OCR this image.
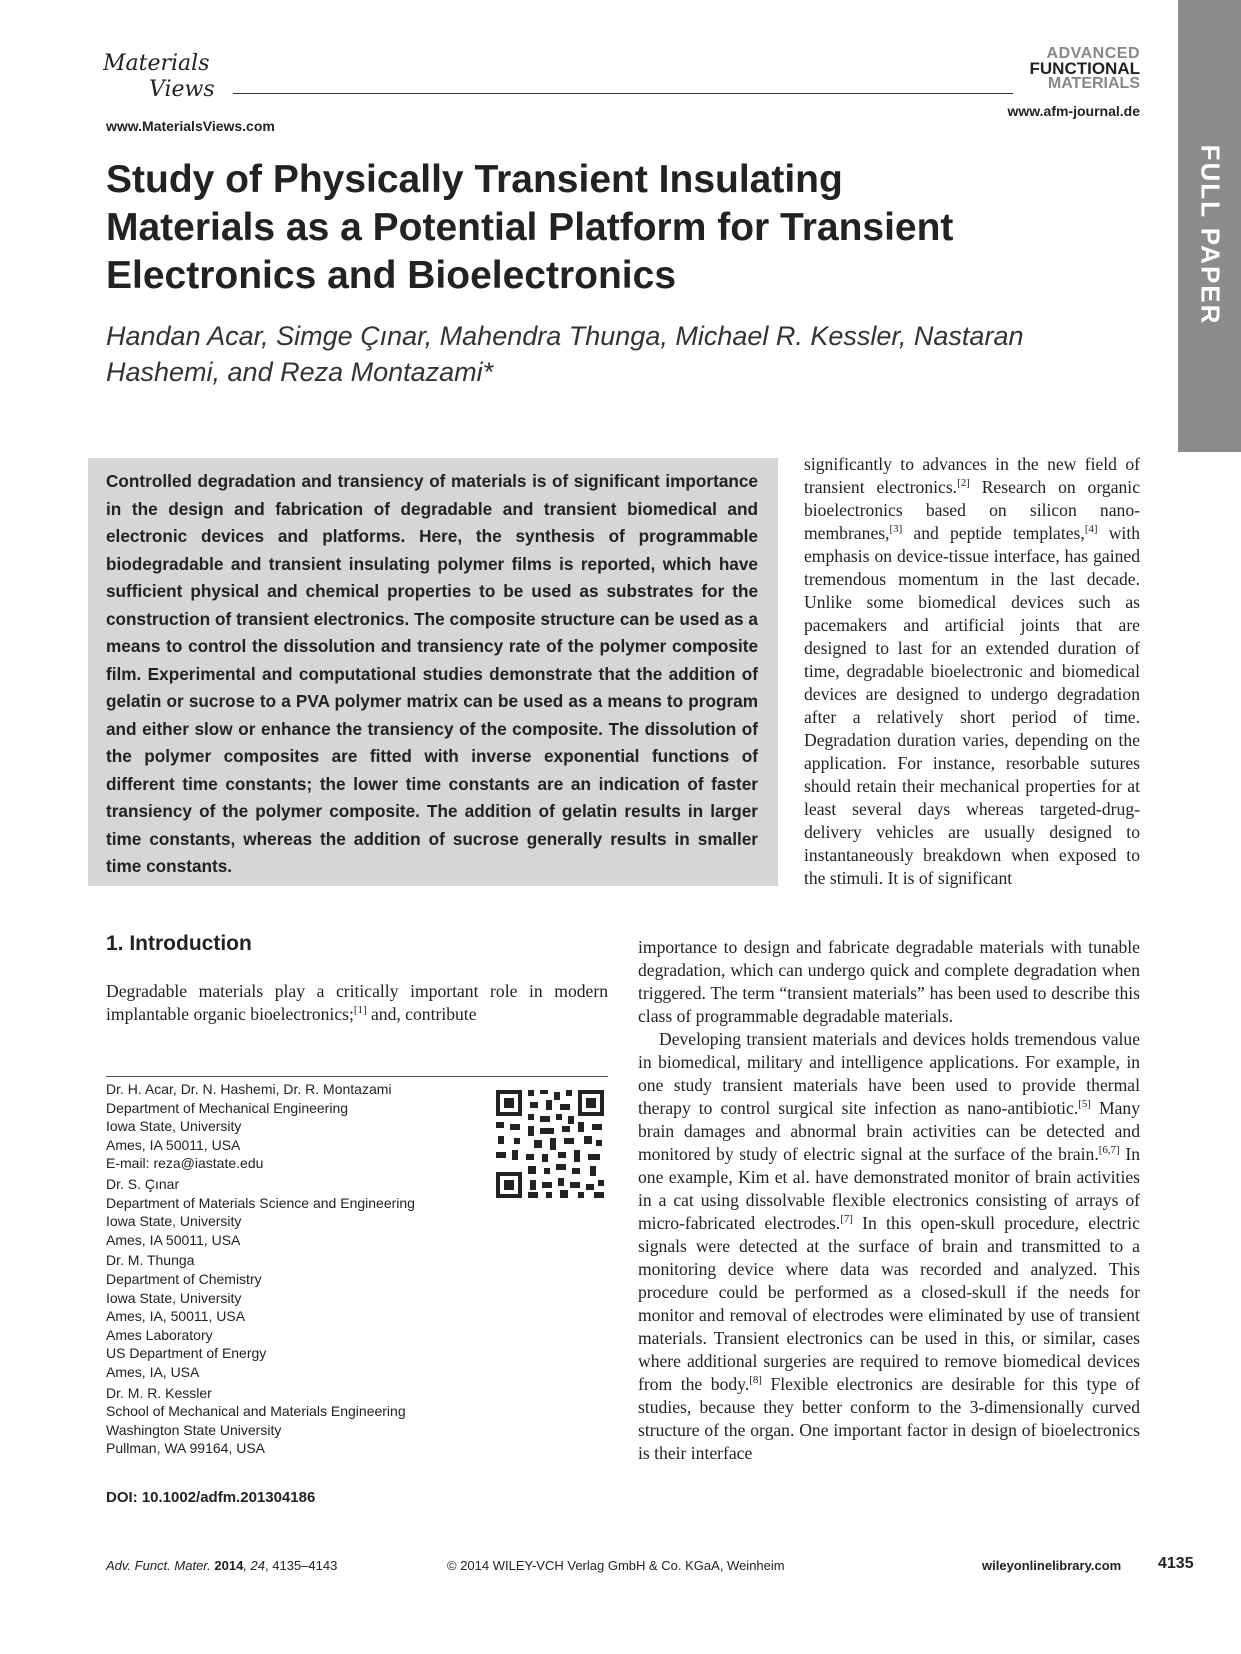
Materials
Views
www.MaterialsViews.com
ADVANCED
FUNCTIONAL
MATERIALS
www.afm-journal.de
FULL PAPER
Study of Physically Transient Insulating Materials as a Potential Platform for Transient Electronics and Bioelectronics
Handan Acar, Simge Çınar, Mahendra Thunga, Michael R. Kessler, Nastaran Hashemi, and Reza Montazami*
Controlled degradation and transiency of materials is of significant importance in the design and fabrication of degradable and transient biomedical and electronic devices and platforms. Here, the synthesis of programmable biodegradable and transient insulating polymer films is reported, which have sufficient physical and chemical properties to be used as substrates for the construction of transient electronics. The composite structure can be used as a means to control the dissolution and transiency rate of the polymer composite film. Experimental and computational studies demonstrate that the addition of gelatin or sucrose to a PVA polymer matrix can be used as a means to program and either slow or enhance the transiency of the composite. The dissolution of the polymer composites are fitted with inverse exponential functions of different time constants; the lower time constants are an indication of faster transiency of the polymer composite. The addition of gelatin results in larger time constants, whereas the addition of sucrose generally results in smaller time constants.
significantly to advances in the new field of transient electronics.[2] Research on organic bioelectronics based on silicon nano-membranes,[3] and peptide templates,[4] with emphasis on device-tissue interface, has gained tremendous momentum in the last decade. Unlike some biomedical devices such as pacemakers and artificial joints that are designed to last for an extended duration of time, degradable bioelectronic and biomedical devices are designed to undergo degradation after a relatively short period of time. Degradation duration varies, depending on the application. For instance, resorbable sutures should retain their mechanical properties for at least several days whereas targeted-drug-delivery vehicles are usually designed to instantaneously breakdown when exposed to the stimuli. It is of significant

importance to design and fabricate degradable materials with tunable degradation, which can undergo quick and complete degradation when triggered. The term “transient materials” has been used to describe this class of programmable degradable materials.

Developing transient materials and devices holds tremendous value in biomedical, military and intelligence applications. For example, in one study transient materials have been used to provide thermal therapy to control surgical site infection as nano-antibiotic.[5] Many brain damages and abnormal brain activities can be detected and monitored by study of electric signal at the surface of the brain.[6,7] In one example, Kim et al. have demonstrated monitor of brain activities in a cat using dissolvable flexible electronics consisting of arrays of micro-fabricated electrodes.[7] In this open-skull procedure, electric signals were detected at the surface of brain and transmitted to a monitoring device where data was recorded and analyzed. This procedure could be performed as a closed-skull if the needs for monitor and removal of electrodes were eliminated by use of transient materials. Transient electronics can be used in this, or similar, cases where additional surgeries are required to remove biomedical devices from the body.[8] Flexible electronics are desirable for this type of studies, because they better conform to the 3-dimensionally curved structure of the organ. One important factor in design of bioelectronics is their interface

1. Introduction
Degradable materials play a critically important role in modern implantable organic bioelectronics;[1] and, contribute
Dr. H. Acar, Dr. N. Hashemi, Dr. R. Montazami
Department of Mechanical Engineering
Iowa State, University
Ames, IA 50011, USA
E-mail: reza@iastate.edu
Dr. S. Çınar
Department of Materials Science and Engineering
Iowa State, University
Ames, IA 50011, USA
Dr. M. Thunga
Department of Chemistry
Iowa State, University
Ames, IA, 50011, USA
Ames Laboratory
US Department of Energy
Ames, IA, USA
Dr. M. R. Kessler
School of Mechanical and Materials Engineering
Washington State University
Pullman, WA 99164, USA
DOI: 10.1002/adfm.201304186
Adv. Funct. Mater. 2014, 24, 4135–4143	© 2014 WILEY-VCH Verlag GmbH & Co. KGaA, Weinheim	wileyonlinelibrary.com 4135
